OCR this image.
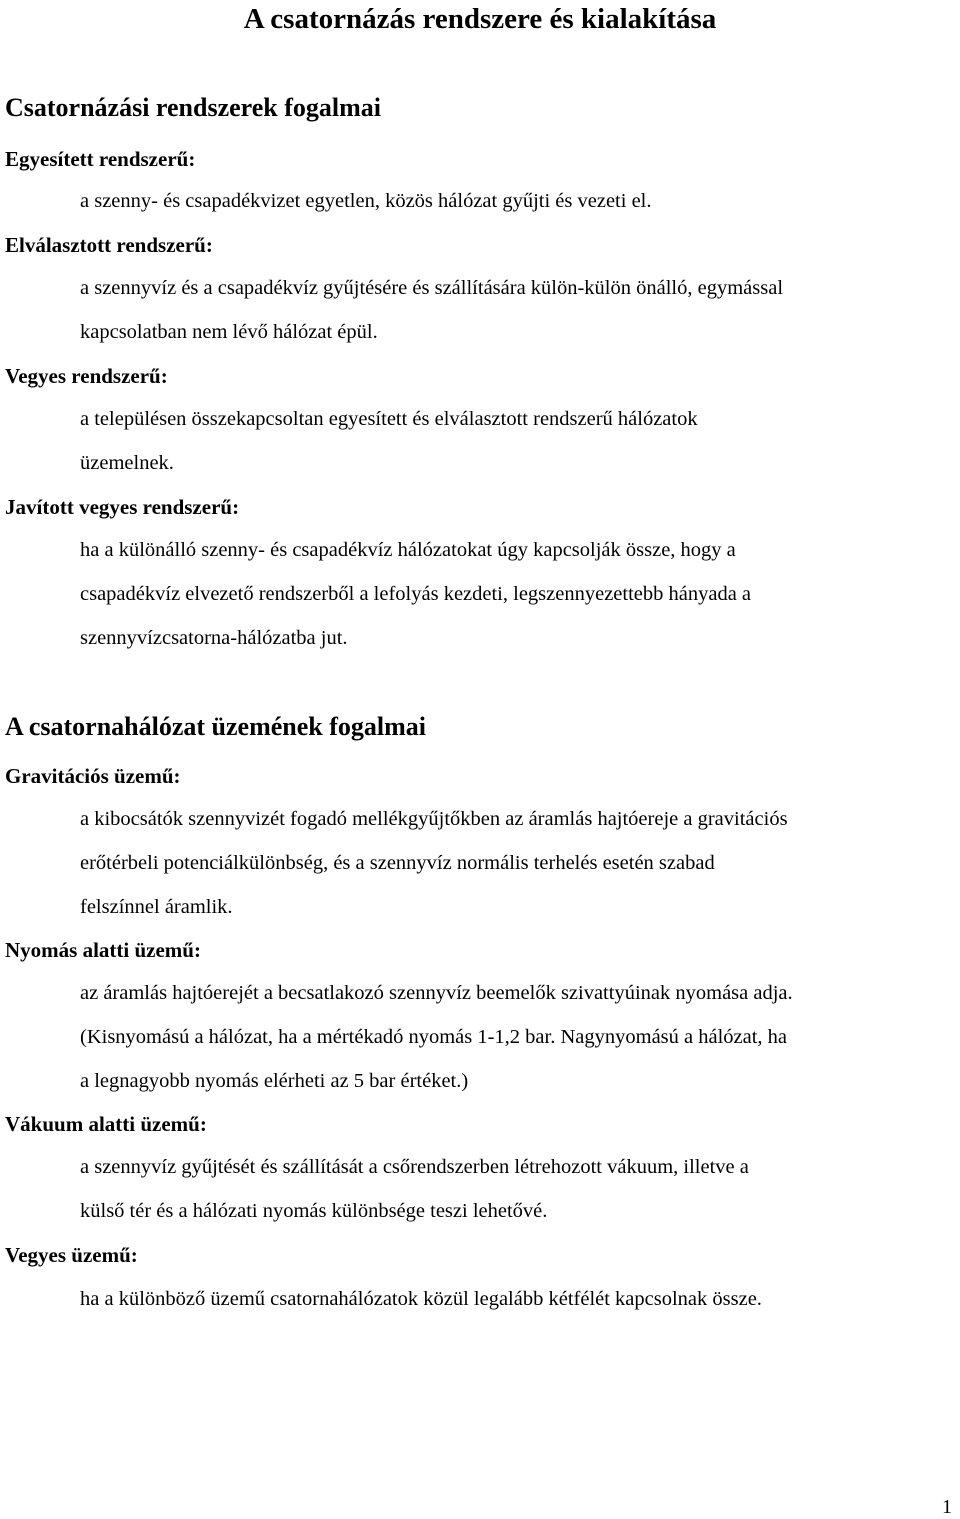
A csatornázás rendszere és kialakítása
Csatornázási rendszerek fogalmai
Egyesített rendszerű:
a szenny- és csapadékvizet egyetlen, közös hálózat gyűjti és vezeti el.
Elválasztott rendszerű:
a szennyvíz és a csapadékvíz gyűjtésére és szállítására külön-külön önálló, egymással
kapcsolatban nem lévő hálózat épül.
Vegyes rendszerű:
a településen összekapcsoltan egyesített és elválasztott rendszerű hálózatok
üzemelnek.
Javított vegyes rendszerű:
ha a különálló szenny- és csapadékvíz hálózatokat úgy kapcsolják össze, hogy a
csapadékvíz elvezető rendszerből a lefolyás kezdeti, legszennyezettebb hányada a
szennyvízcsatorna-hálózatba jut.
A csatornahálózat üzemének fogalmai
Gravitációs üzemű:
a kibocsátók szennyvizét fogadó mellékgyűjtőkben az áramlás hajtóereje a gravitációs
erőtérbeli potenciálkülönbség, és a szennyvíz normális terhelés esetén szabad
felszínnel áramlik.
Nyomás alatti üzemű:
az áramlás hajtóerejét a becsatlakozó szennyvíz beemelők szivattyúinak nyomása adja.
(Kisnyomású a hálózat, ha a mértékadó nyomás 1-1,2 bar. Nagynyomású a hálózat, ha
a legnagyobb nyomás elérheti az 5 bar értéket.)
Vákuum alatti üzemű:
a szennyvíz gyűjtését és szállítását a csőrendszerben létrehozott vákuum, illetve a
külső tér és a hálózati nyomás különbsége teszi lehetővé.
Vegyes üzemű:
ha a különböző üzemű csatornahálózatok közül legalább kétfélét kapcsolnak össze.
1
